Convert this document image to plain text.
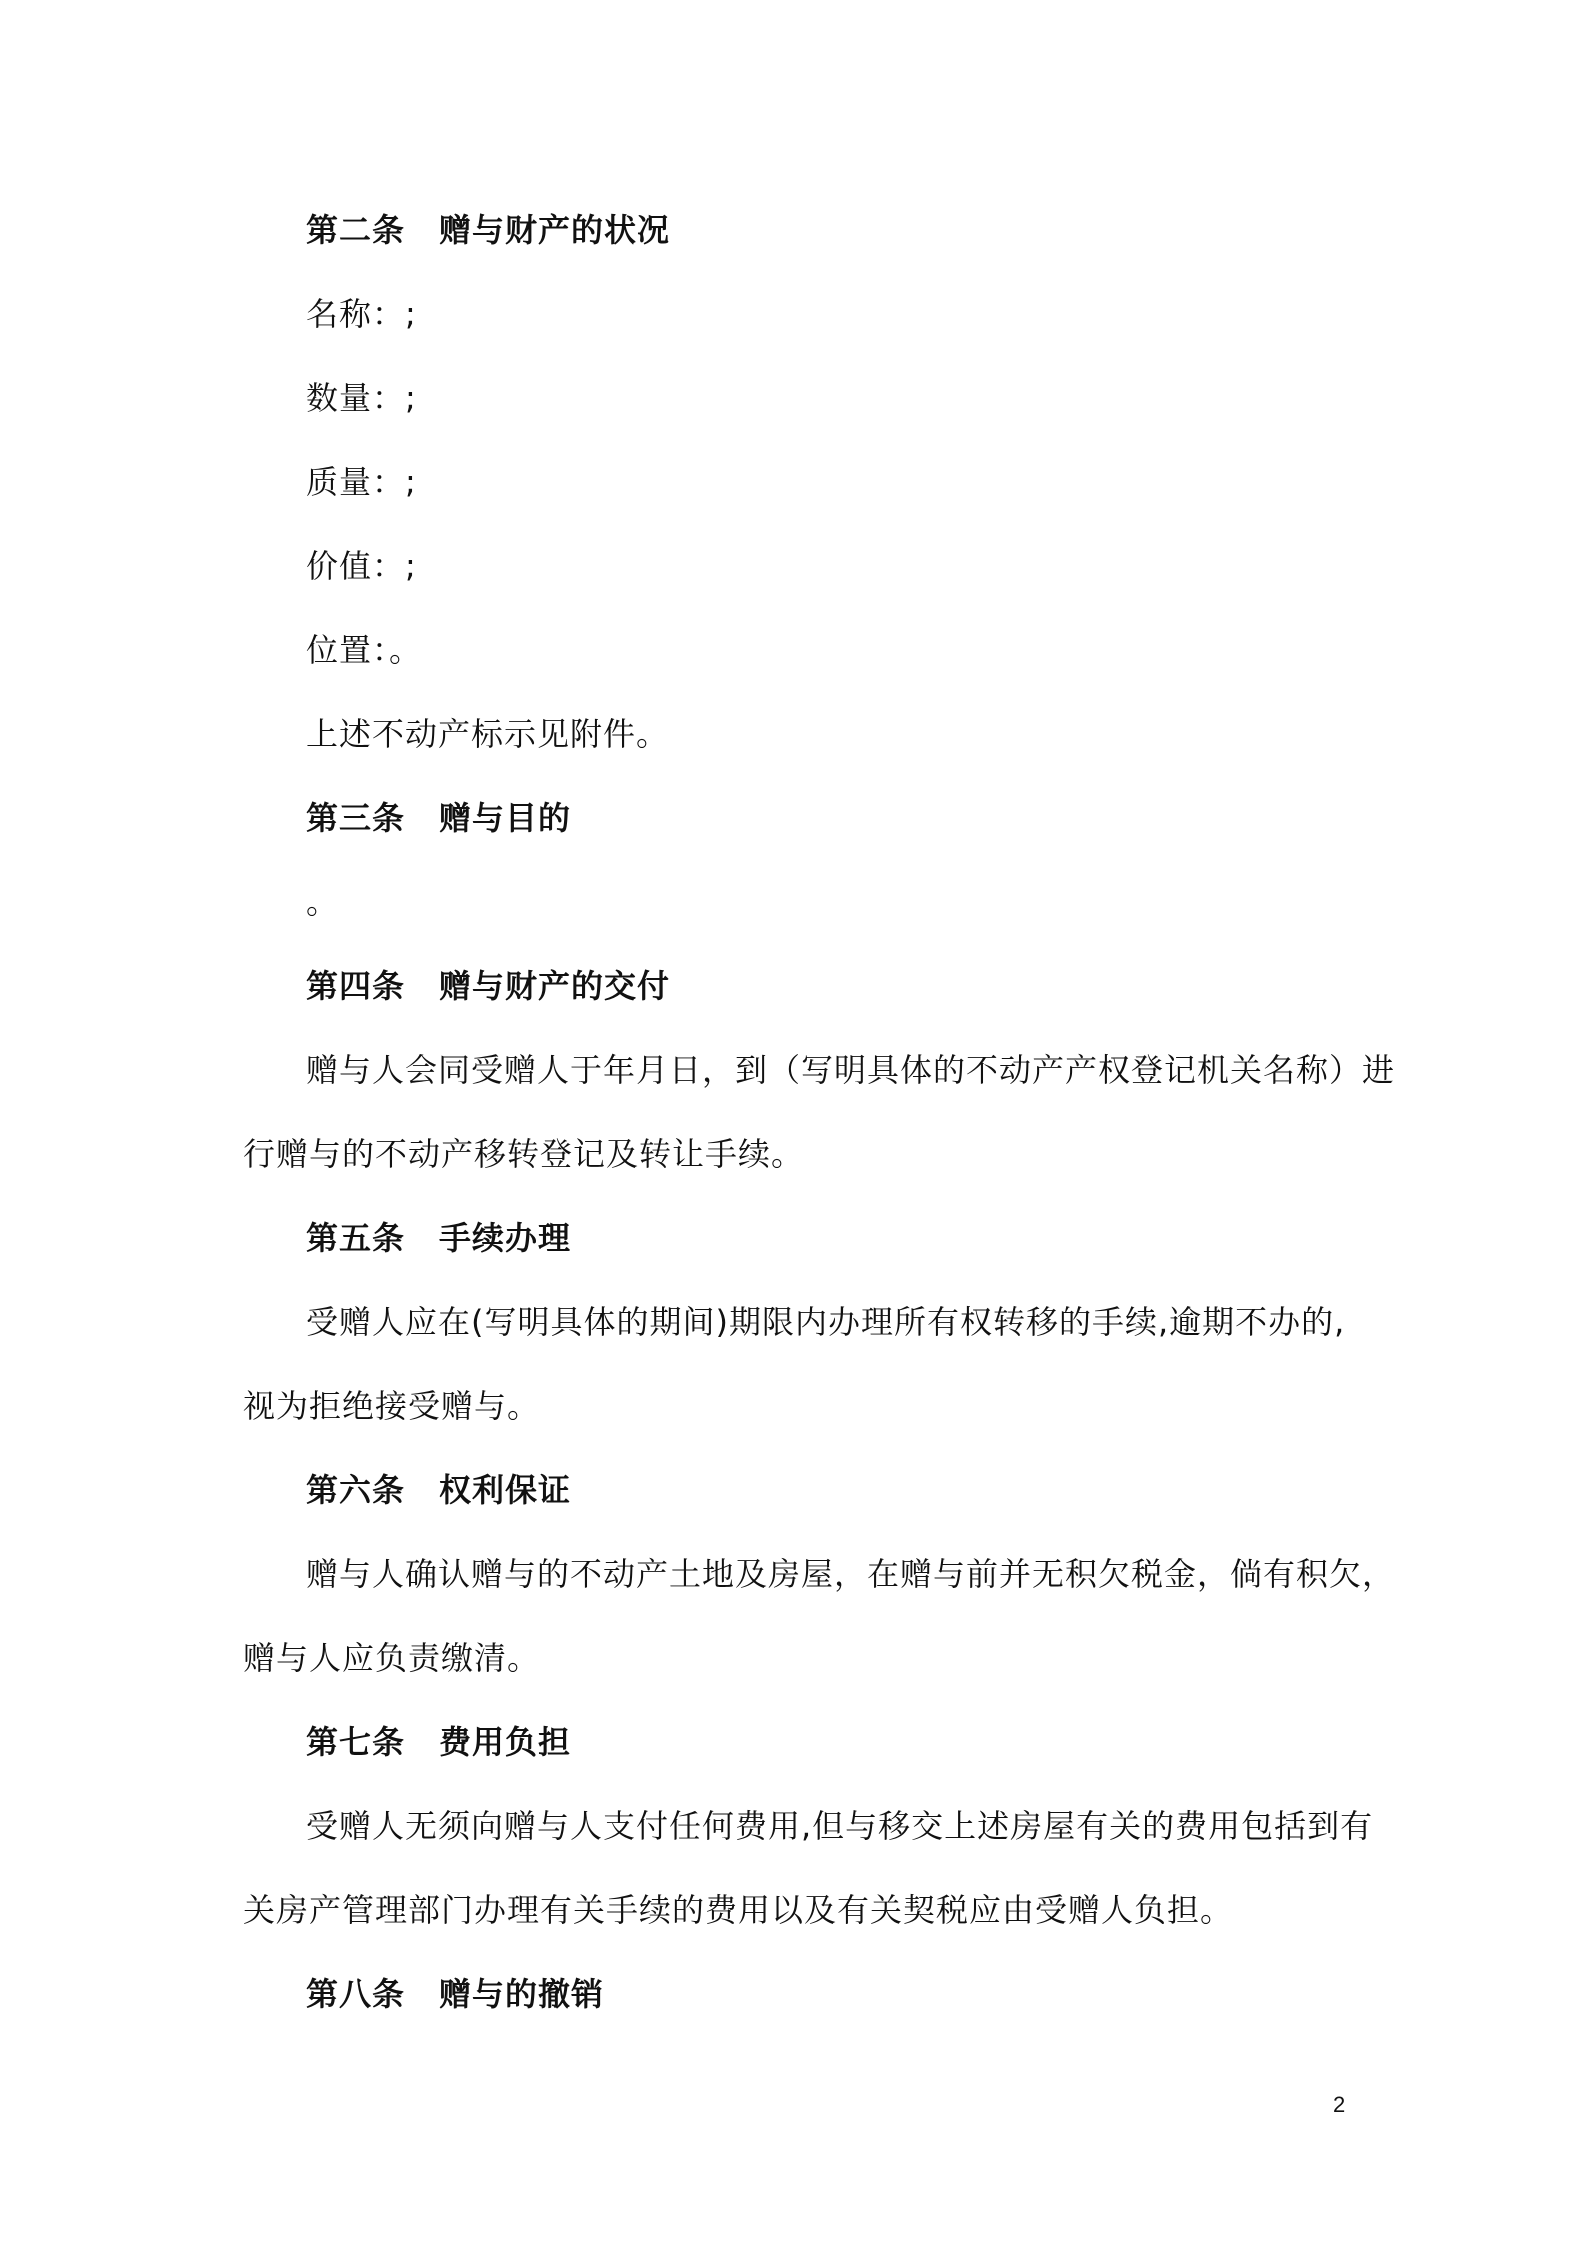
第二条 赠与财产的状况
名称：;
数量：;
质量：;
价值：;
位置：。
上述不动产标示见附件。
第三条 赠与目的
。
第四条 赠与财产的交付
赠与人会同受赠人于年月日，到（写明具体的不动产产权登记机关名称）进
行赠与的不动产移转登记及转让手续。
第五条 手续办理
受赠人应在(写明具体的期间)期限内办理所有权转移的手续,逾期不办的,
视为拒绝接受赠与。
第六条 权利保证
赠与人确认赠与的不动产土地及房屋，在赠与前并无积欠税金，倘有积欠，
赠与人应负责缴清。
第七条 费用负担
受赠人无须向赠与人支付任何费用,但与移交上述房屋有关的费用包括到有
关房产管理部门办理有关手续的费用以及有关契税应由受赠人负担。
第八条 赠与的撤销
2
